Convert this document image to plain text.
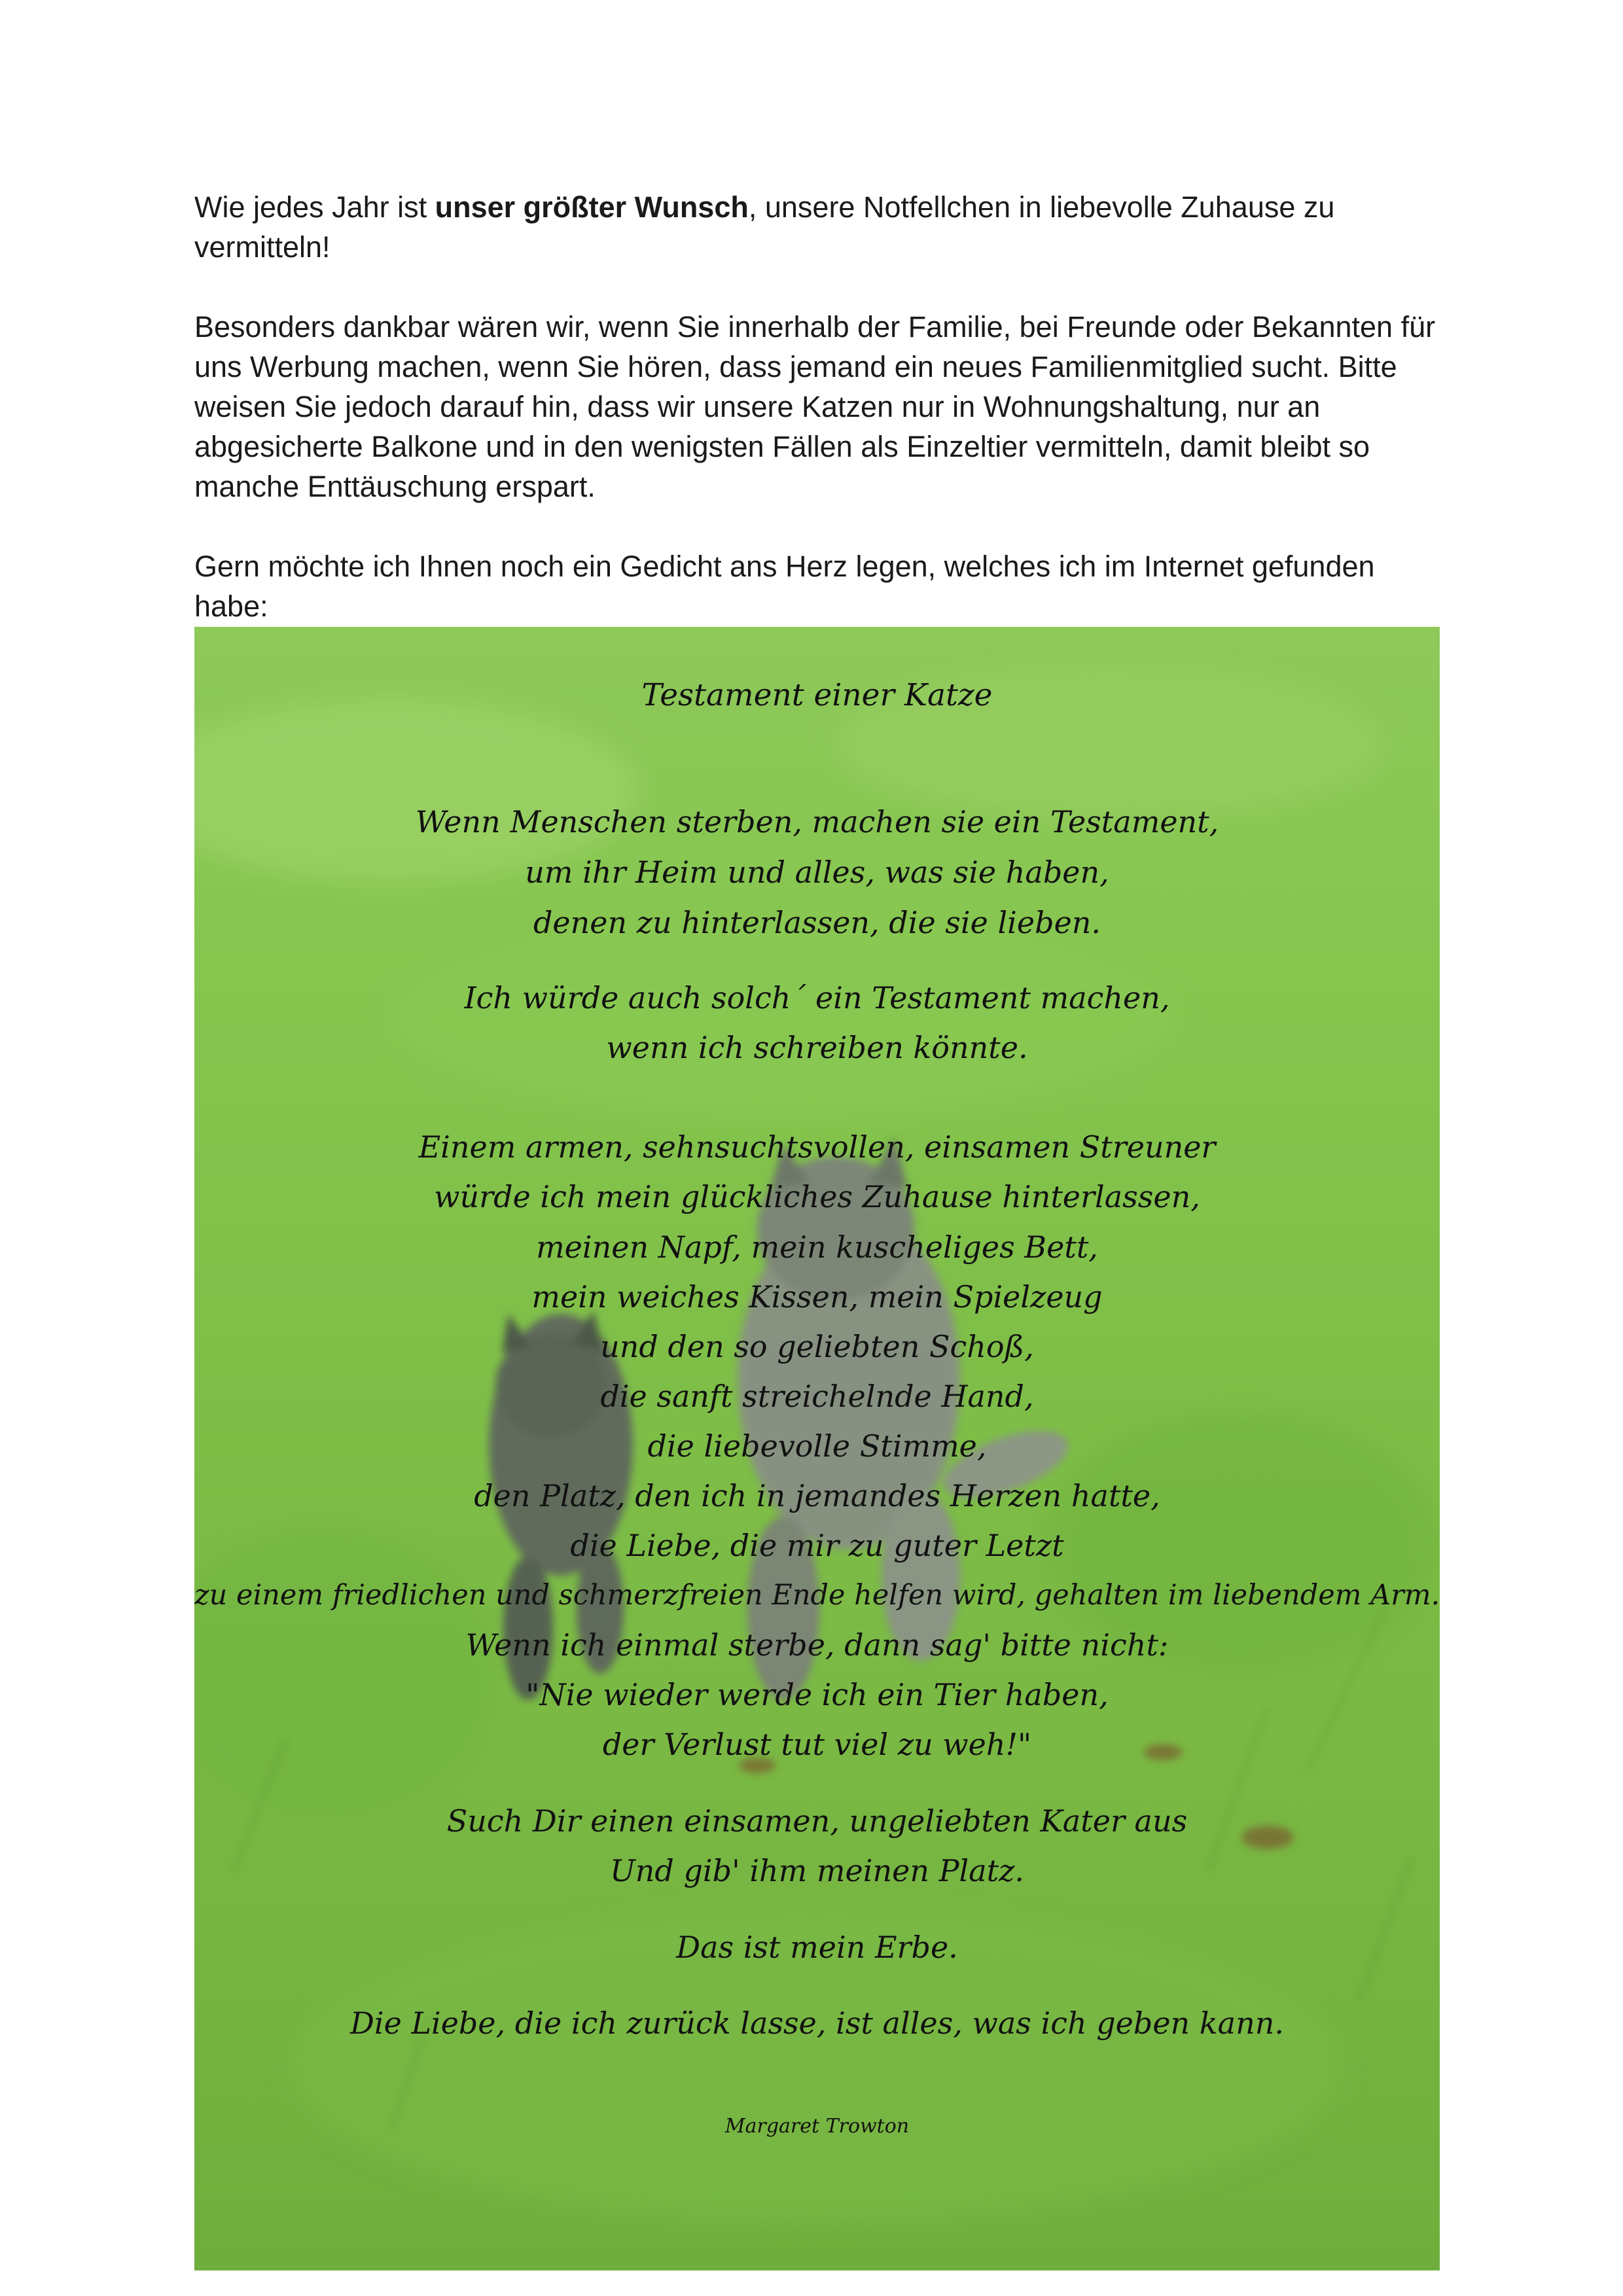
Wie jedes Jahr ist unser größter Wunsch, unsere Notfellchen in liebevolle Zuhause zu vermitteln!

Besonders dankbar wären wir, wenn Sie innerhalb der Familie, bei Freunde oder Bekannten für uns Werbung machen, wenn Sie hören, dass jemand ein neues Familienmitglied sucht. Bitte weisen Sie jedoch darauf hin, dass wir unsere Katzen nur in Wohnungshaltung, nur an abgesicherte Balkone und in den wenigsten Fällen als Einzeltier vermitteln, damit bleibt so manche Enttäuschung erspart.

Gern möchte ich Ihnen noch ein Gedicht ans Herz legen, welches ich im Internet gefunden habe:

Testament einer Katze
Wenn Menschen sterben, machen sie ein Testament,
um ihr Heim und alles, was sie haben,
denen zu hinterlassen, die sie lieben.
Ich würde auch solch´ ein Testament machen,
wenn ich schreiben könnte.
Einem armen, sehnsuchtsvollen, einsamen Streuner
würde ich mein glückliches Zuhause hinterlassen,
meinen Napf, mein kuscheliges Bett,
mein weiches Kissen, mein Spielzeug
und den so geliebten Schoß,
die sanft streichelnde Hand,
die liebevolle Stimme,
den Platz, den ich in jemandes Herzen hatte,
die Liebe, die mir zu guter Letzt
zu einem friedlichen und schmerzfreien Ende helfen wird, gehalten im liebendem Arm.
Wenn ich einmal sterbe, dann sag' bitte nicht:
"Nie wieder werde ich ein Tier haben,
der Verlust tut viel zu weh!"
Such Dir einen einsamen, ungeliebten Kater aus
Und gib' ihm meinen Platz.
Das ist mein Erbe.
Die Liebe, die ich zurück lasse, ist alles, was ich geben kann.
Margaret Trowton
